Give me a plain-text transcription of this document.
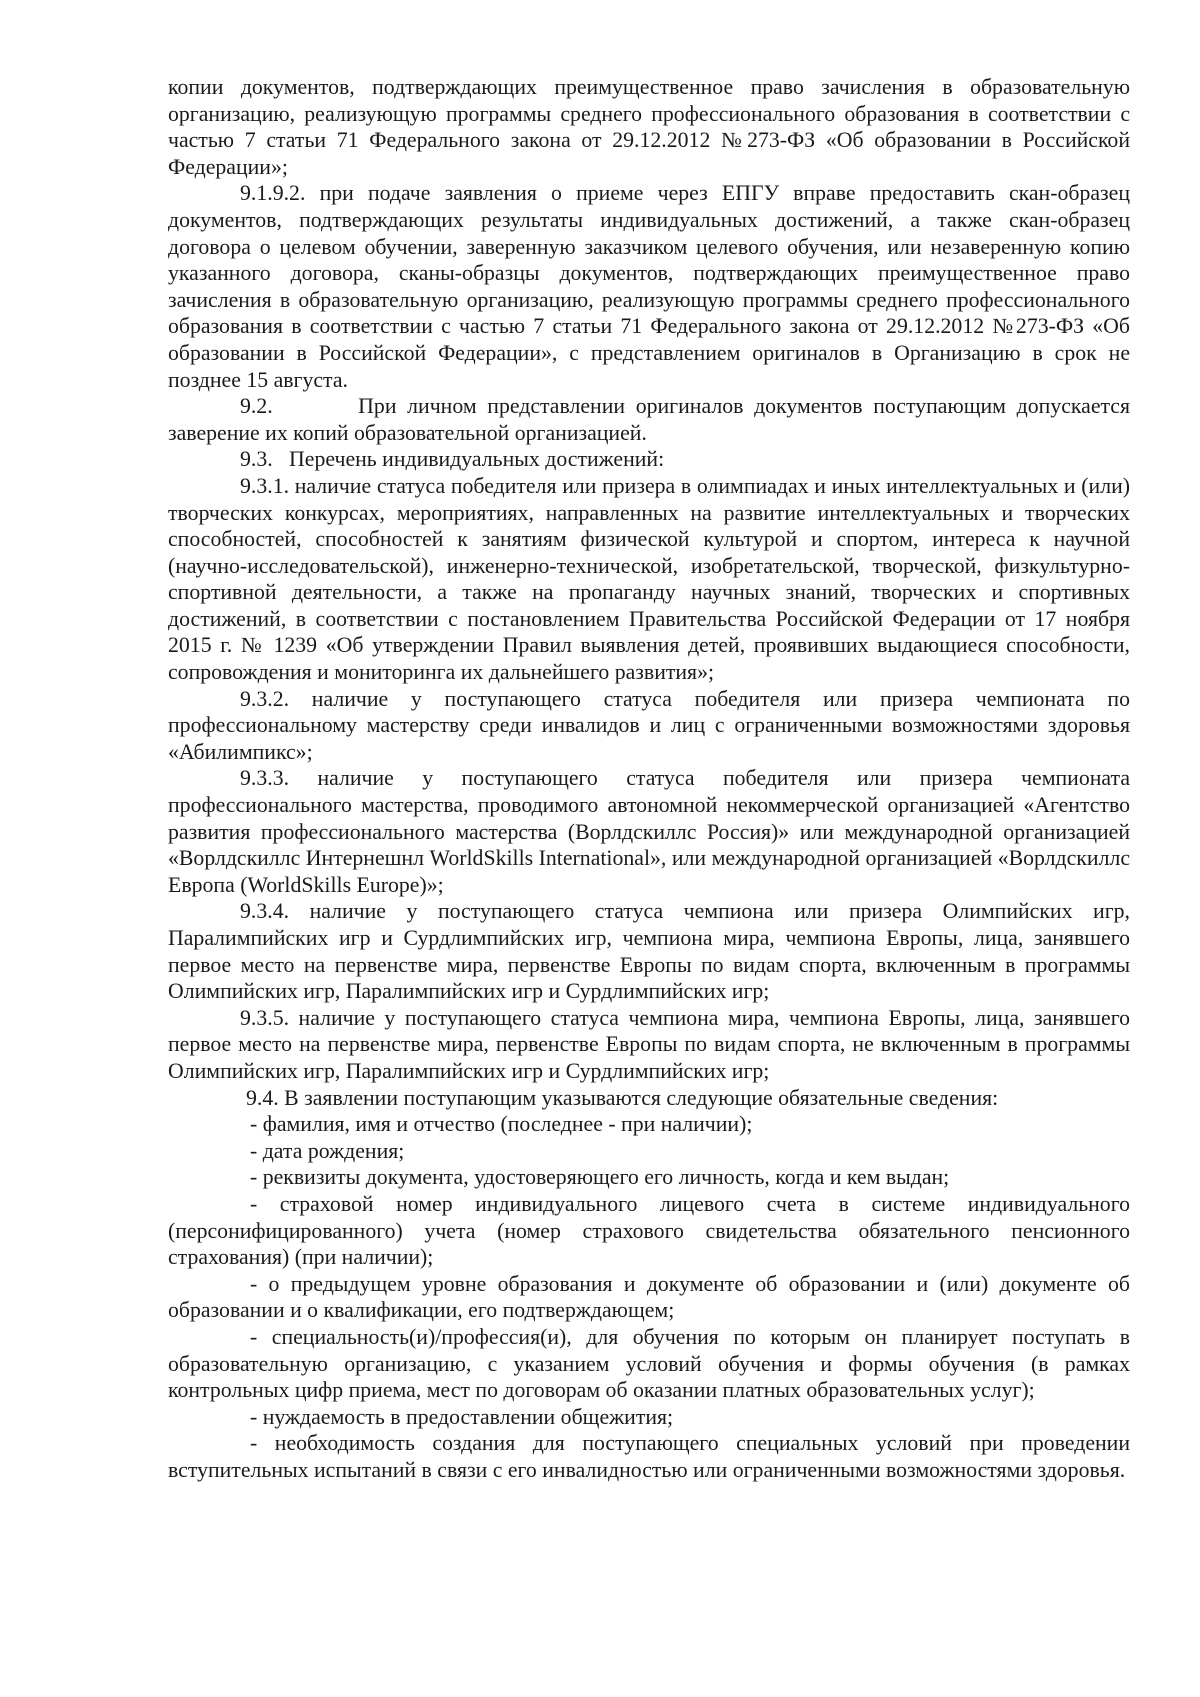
копии документов, подтверждающих преимущественное право зачисления в образовательную организацию, реализующую программы среднего профессионального образования в соответствии с частью 7 статьи 71 Федерального закона от 29.12.2012 №273-ФЗ «Об образовании в Российской Федерации»;

9.1.9.2. при подаче заявления о приеме через ЕПГУ вправе предоставить скан-образец документов, подтверждающих результаты индивидуальных достижений, а также скан-образец договора о целевом обучении, заверенную заказчиком целевого обучения, или незаверенную копию указанного договора, сканы-образцы документов, подтверждающих преимущественное право зачисления в образовательную организацию, реализующую программы среднего профессионального образования в соответствии с частью 7 статьи 71 Федерального закона от 29.12.2012 №273-ФЗ «Об образовании в Российской Федерации», с представлением оригиналов в Организацию в срок не позднее 15 августа.

9.2.        При личном представлении оригиналов документов поступающим допускается заверение их копий образовательной организацией.

9.3.   Перечень индивидуальных достижений:

9.3.1. наличие статуса победителя или призера в олимпиадах и иных интеллектуальных и (или) творческих конкурсах, мероприятиях, направленных на развитие интеллектуальных и творческих способностей, способностей к занятиям физической культурой и спортом, интереса к научной (научно-исследовательской), инженерно-технической, изобретательской, творческой, физкультурно-спортивной деятельности, а также на пропаганду научных знаний, творческих и спортивных достижений, в соответствии с постановлением Правительства Российской Федерации от 17 ноября 2015 г. № 1239 «Об утверждении Правил выявления детей, проявивших выдающиеся способности, сопровождения и мониторинга их дальнейшего развития»;

9.3.2. наличие у поступающего статуса победителя или призера чемпионата по профессиональному мастерству среди инвалидов и лиц с ограниченными возможностями здоровья «Абилимпикс»;

9.3.3. наличие у поступающего статуса победителя или призера чемпионата профессионального мастерства, проводимого автономной некоммерческой организацией «Агентство развития профессионального мастерства (Ворлдскиллс Россия)» или международной организацией «Ворлдскиллс Интернешнл WorldSkills International», или международной организацией «Ворлдскиллс Европа (WorldSkills Europe)»;

9.3.4. наличие у поступающего статуса чемпиона или призера Олимпийских игр, Паралимпийских игр и Сурдлимпийских игр, чемпиона мира, чемпиона Европы, лица, занявшего первое место на первенстве мира, первенстве Европы по видам спорта, включенным в программы Олимпийских игр, Паралимпийских игр и Сурдлимпийских игр;

9.3.5. наличие у поступающего статуса чемпиона мира, чемпиона Европы, лица, занявшего первое место на первенстве мира, первенстве Европы по видам спорта, не включенным в программы Олимпийских игр, Паралимпийских игр и Сурдлимпийских игр;

9.4. В заявлении поступающим указываются следующие обязательные сведения:

- фамилия, имя и отчество (последнее - при наличии);

- дата рождения;

- реквизиты документа, удостоверяющего его личность, когда и кем выдан;

- страховой номер индивидуального лицевого счета в системе индивидуального (персонифицированного) учета (номер страхового свидетельства обязательного пенсионного страхования) (при наличии);

- о предыдущем уровне образования и документе об образовании и (или) документе об образовании и о квалификации, его подтверждающем;

- специальность(и)/профессия(и), для обучения по которым он планирует поступать в образовательную организацию, с указанием условий обучения и формы обучения (в рамках контрольных цифр приема, мест по договорам об оказании платных образовательных услуг);

- нуждаемость в предоставлении общежития;

- необходимость создания для поступающего специальных условий при проведении вступительных испытаний в связи с его инвалидностью или ограниченными возможностями здоровья.
